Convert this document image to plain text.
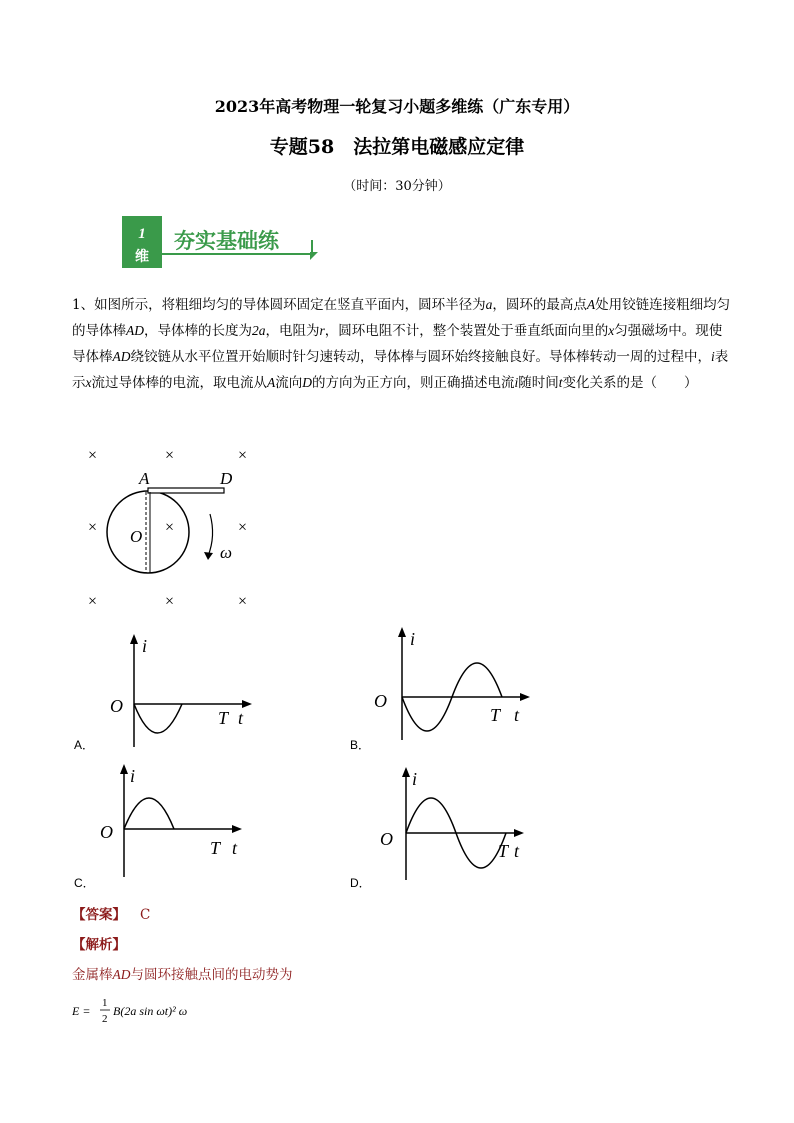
2023年高考物理一轮复习小题多维练（广东专用）
专题58　法拉第电磁感应定律
（时间：30分钟）
1
维
夯实基础练
1、如图所示，将粗细均匀的导体圆环固定在竖直平面内，圆环半径为a，圆环的最高点A处用铰链连接粗细均匀的导体棒AD，导体棒的长度为2a，电阻为r，圆环电阻不计，整个装置处于垂直纸面向里的x匀强磁场中。现使导体棒AD绕铰链从水平位置开始顺时针匀速转动，导体棒与圆环始终接触良好。导体棒转动一周的过程中，i表示x流过导体棒的电流，取电流从A流向D的方向为正方向，则正确描述电流i随时间t变化关系的是（　　）
×	×	×
×	×	×
×	×	×
A	D
O
ω
i
O
T t
A．
i
O
T t
B．
i
O
T t
C．
i
O
T t
D．
【答案】 C
【解析】
金属棒AD与圆环接触点间的电动势为
E =
1
2
B(2a sin ωt)² ω
